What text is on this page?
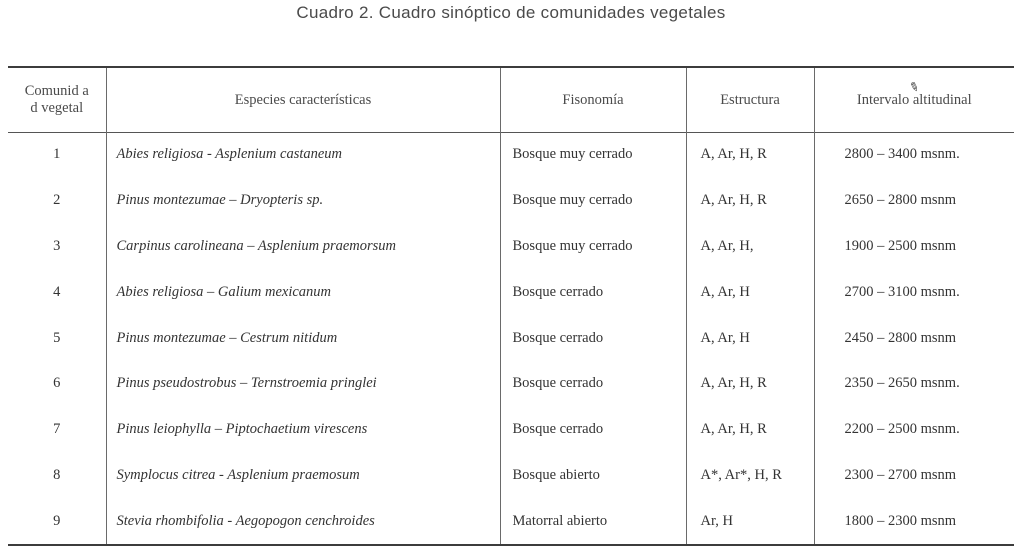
Cuadro 2. Cuadro sinóptico de comunidades vegetales
✎
Comunid ad vegetal	Especies características	Fisonomía	Estructura	Intervalo altitudinal
1	Abies religiosa - Asplenium castaneum	Bosque muy cerrado	A, Ar, H, R	2800 – 3400 msnm.
2	Pinus montezumae – Dryopteris sp.	Bosque muy cerrado	A, Ar, H, R	2650 – 2800 msnm
3	Carpinus carolineana – Asplenium praemorsum	Bosque muy cerrado	A, Ar, H,	1900 – 2500 msnm
4	Abies religiosa – Galium mexicanum	Bosque cerrado	A, Ar, H	2700 – 3100 msnm.
5	Pinus montezumae – Cestrum nitidum	Bosque cerrado	A, Ar, H	2450 – 2800 msnm
6	Pinus pseudostrobus – Ternstroemia pringlei	Bosque cerrado	A, Ar, H, R	2350 – 2650 msnm.
7	Pinus leiophylla – Piptochaetium virescens	Bosque cerrado	A, Ar, H, R	2200 – 2500 msnm.
8	Symplocus citrea - Asplenium praemosum	Bosque abierto	A*, Ar*, H, R	2300 – 2700 msnm
9	Stevia rhombifolia - Aegopogon cenchroides	Matorral abierto	Ar, H	1800 – 2300 msnm
